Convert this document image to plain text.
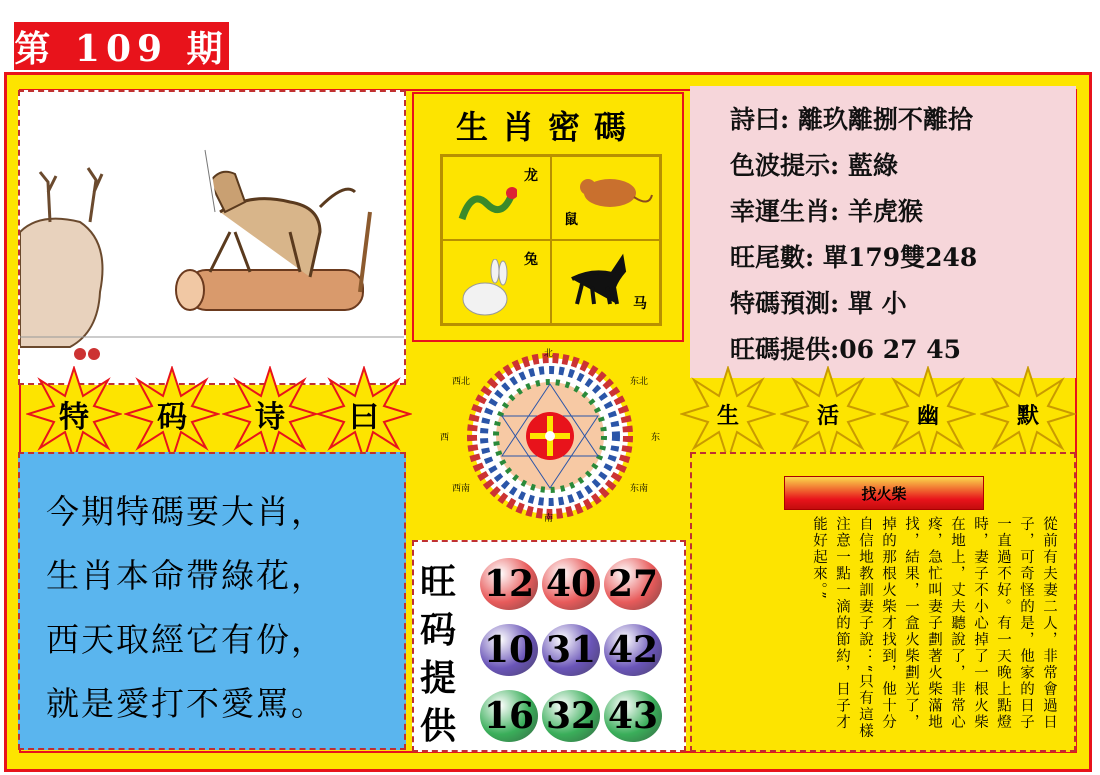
第 109 期
生肖密碼
龙
鼠
兔
马
詩曰: 離玖離捌不離拾
色波提示: 藍綠
幸運生肖: 羊虎猴
旺尾數: 單179雙248
特碼預測: 單 小
旺碼提供:06 27 45
特 码 诗 曰	生	活	幽	默
西北	东北
西	东
西南	东南
北
南
今期特碼要大肖，
生肖本命帶綠花，
西天取經它有份，
就是愛打不愛罵。
旺
码
提
供
12 40 27
10 31 42
16 32 43
找火柴
從前有夫妻二人，非常會過日子，可奇怪的是，他家的日子一直過不好。有一天晚上點燈時，妻子不小心掉了一根火柴在地上，丈夫聽說了，非常心疼，急忙叫妻子劃著火柴滿地找，結果，一盒火柴劃光了，掉的那根火柴才找到，他十分自信地教訓妻子說：“只有這樣注意一點一滴的節約，日子才能好起來。”
